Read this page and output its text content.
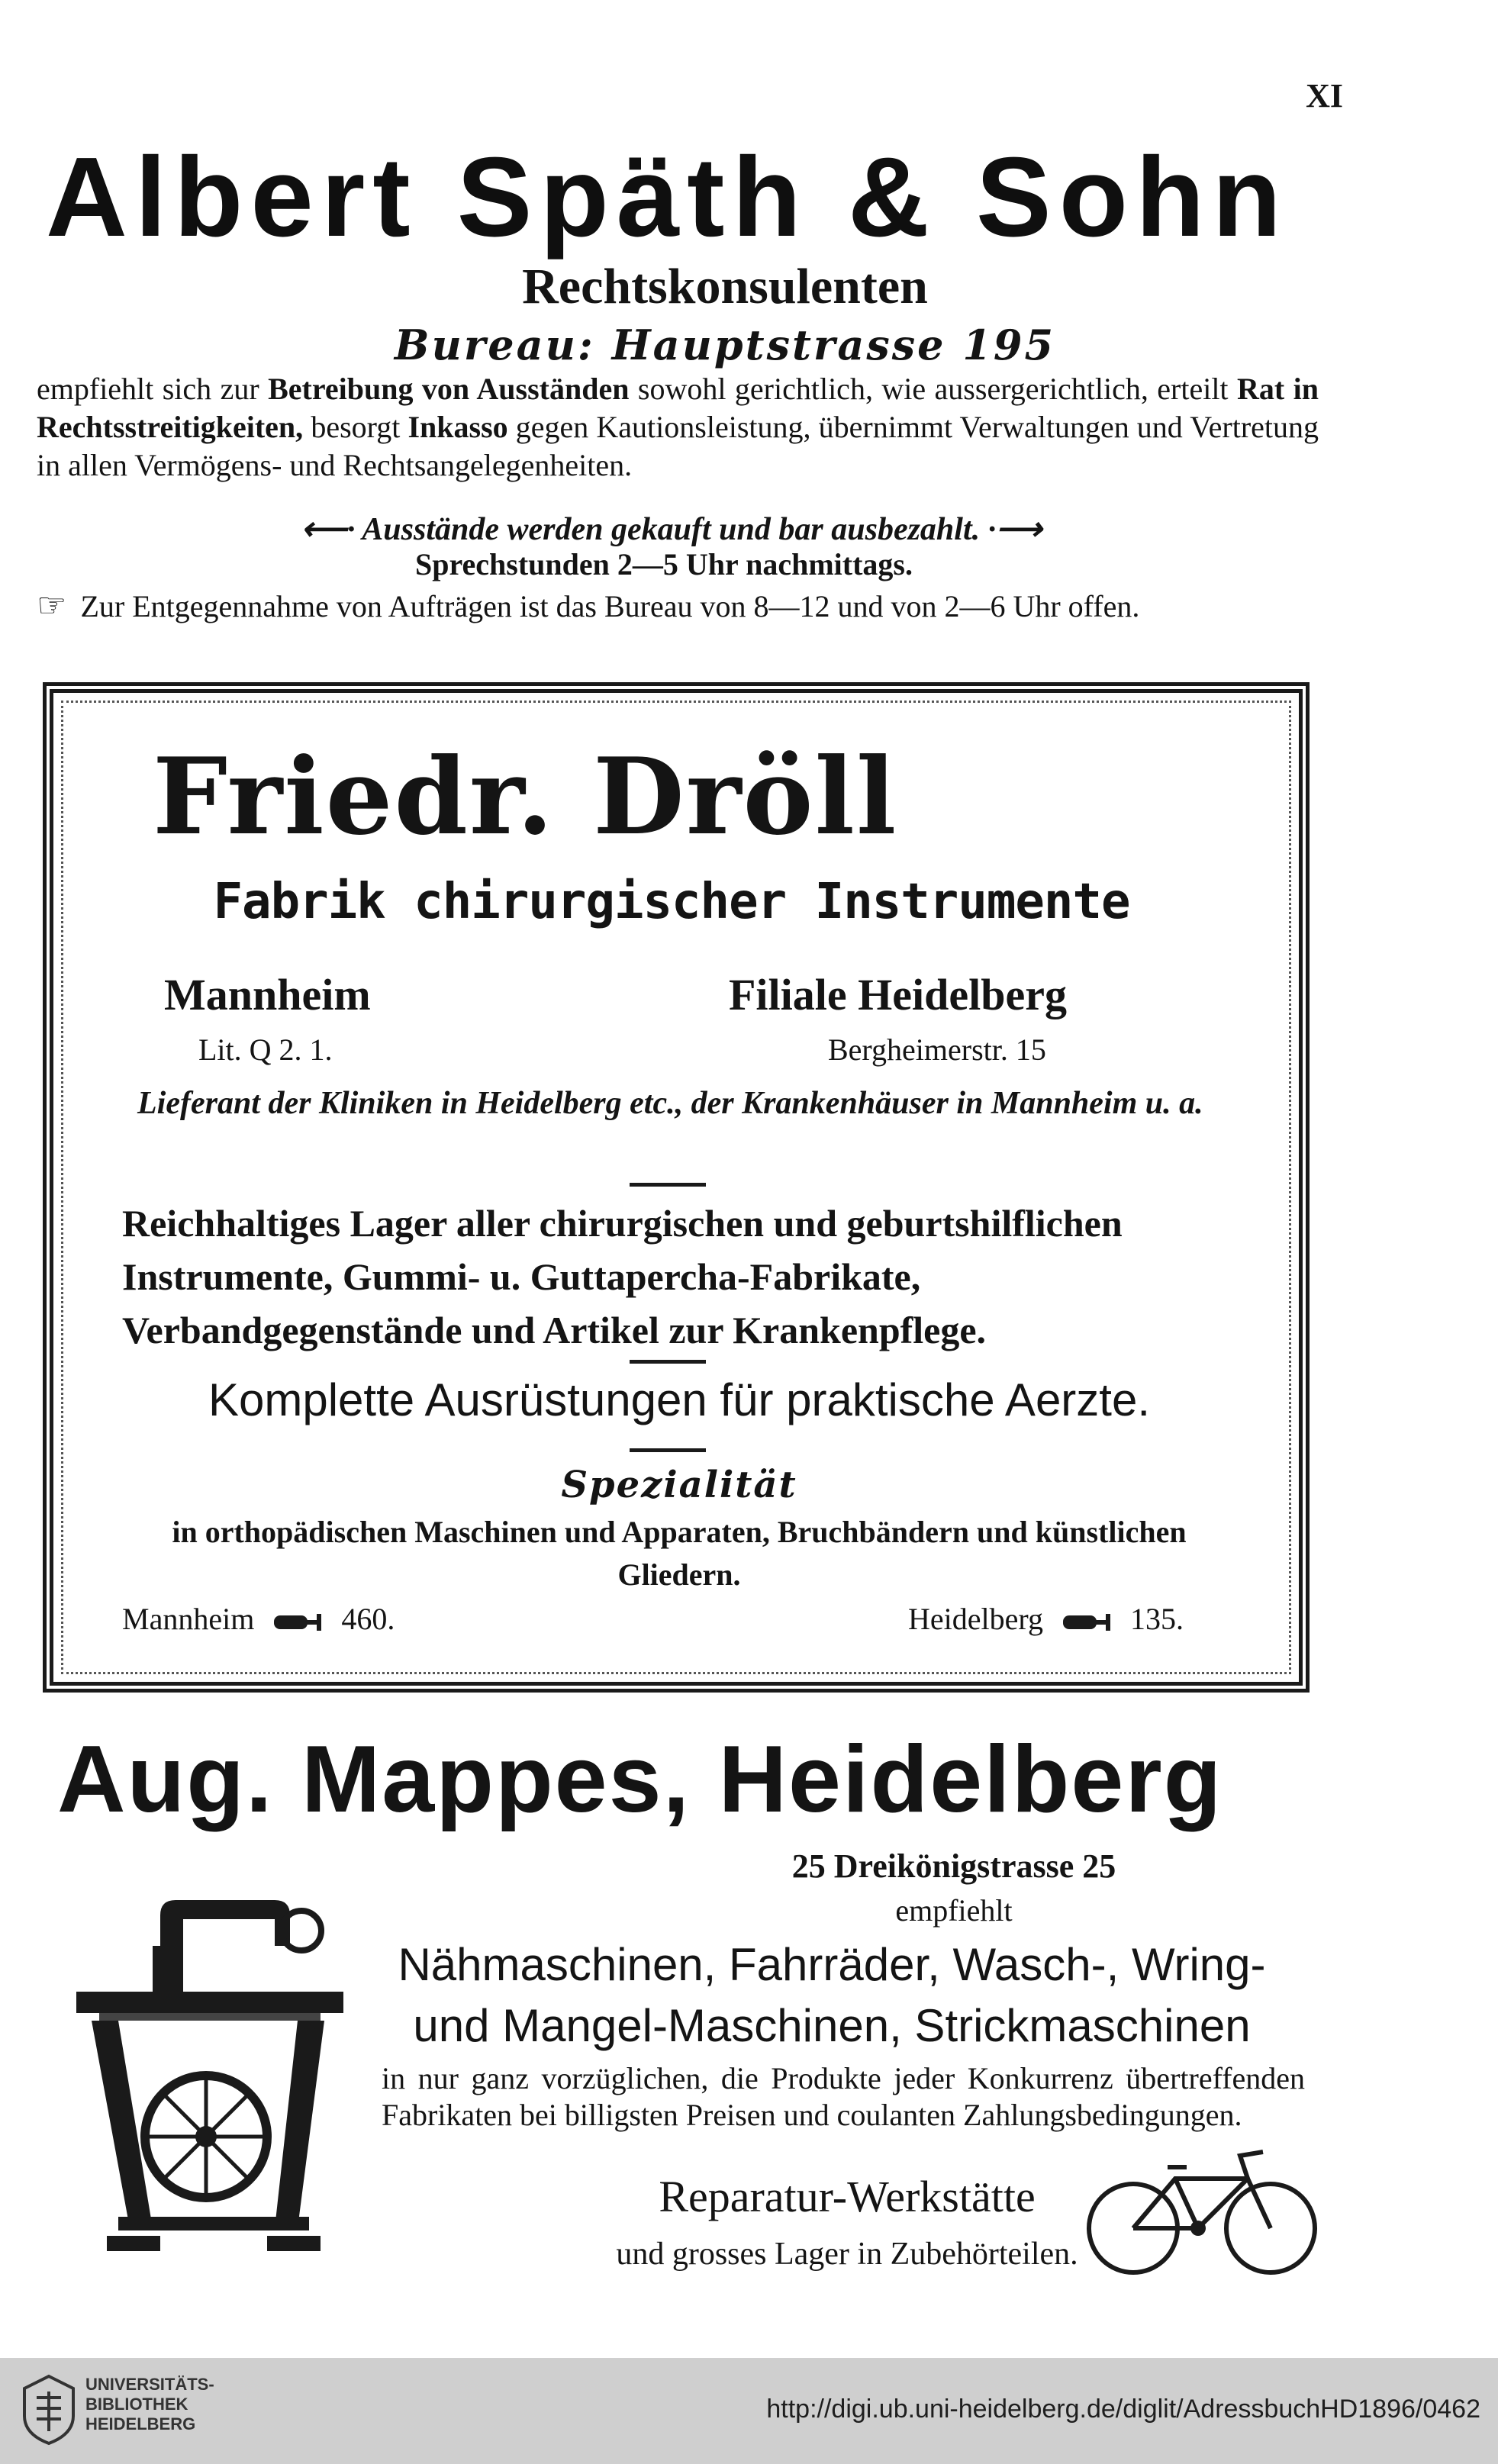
XI
Albert Späth & Sohn
Rechtskonsulenten
Bureau: Hauptstrasse 195
empfiehlt sich zur Betreibung von Ausständen sowohl gerichtlich, wie aussergerichtlich, erteilt Rat in Rechtsstreitigkeiten, besorgt Inkasso gegen Kautionsleistung, übernimmt Verwaltungen und Vertretung in allen Vermögens- und Rechtsangelegenheiten.
⟵· Ausstände werden gekauft und bar ausbezahlt. ·⟶
Sprechstunden 2—5 Uhr nachmittags.
☞ Zur Entgegennahme von Aufträgen ist das Bureau von 8—12 und von 2—6 Uhr offen.
Friedr. Dröll
Fabrik chirurgischer Instrumente
Mannheim	Filiale Heidelberg
Lit. Q 2. 1.	Bergheimerstr. 15
Lieferant der Kliniken in Heidelberg etc., der Krankenhäuser in Mannheim u. a.
Reichhaltiges Lager aller chirurgischen und geburtshilflichen Instrumente, Gummi- u. Guttapercha-Fabrikate, Verbandgegenstände und Artikel zur Krankenpflege.
Komplette Ausrüstungen für praktische Aerzte.
Spezialität
in orthopädischen Maschinen und Apparaten, Bruchbändern und künstlichen Gliedern.
Mannheim	460.	Heidelberg	135.
Aug. Mappes, Heidelberg
25 Dreikönigstrasse 25
empfiehlt
Nähmaschinen, Fahrräder, Wasch-, Wring-
und Mangel-Maschinen, Strickmaschinen
in nur ganz vorzüglichen, die Produkte jeder Konkurrenz übertreffenden Fabrikaten bei billigsten Preisen und coulanten Zahlungsbedingungen.
Reparatur-Werkstätte
und grosses Lager in Zubehörteilen.
UNIVERSITÄTS-
BIBLIOTHEK
HEIDELBERG
http://digi.ub.uni-heidelberg.de/diglit/AdressbuchHD1896/0462
